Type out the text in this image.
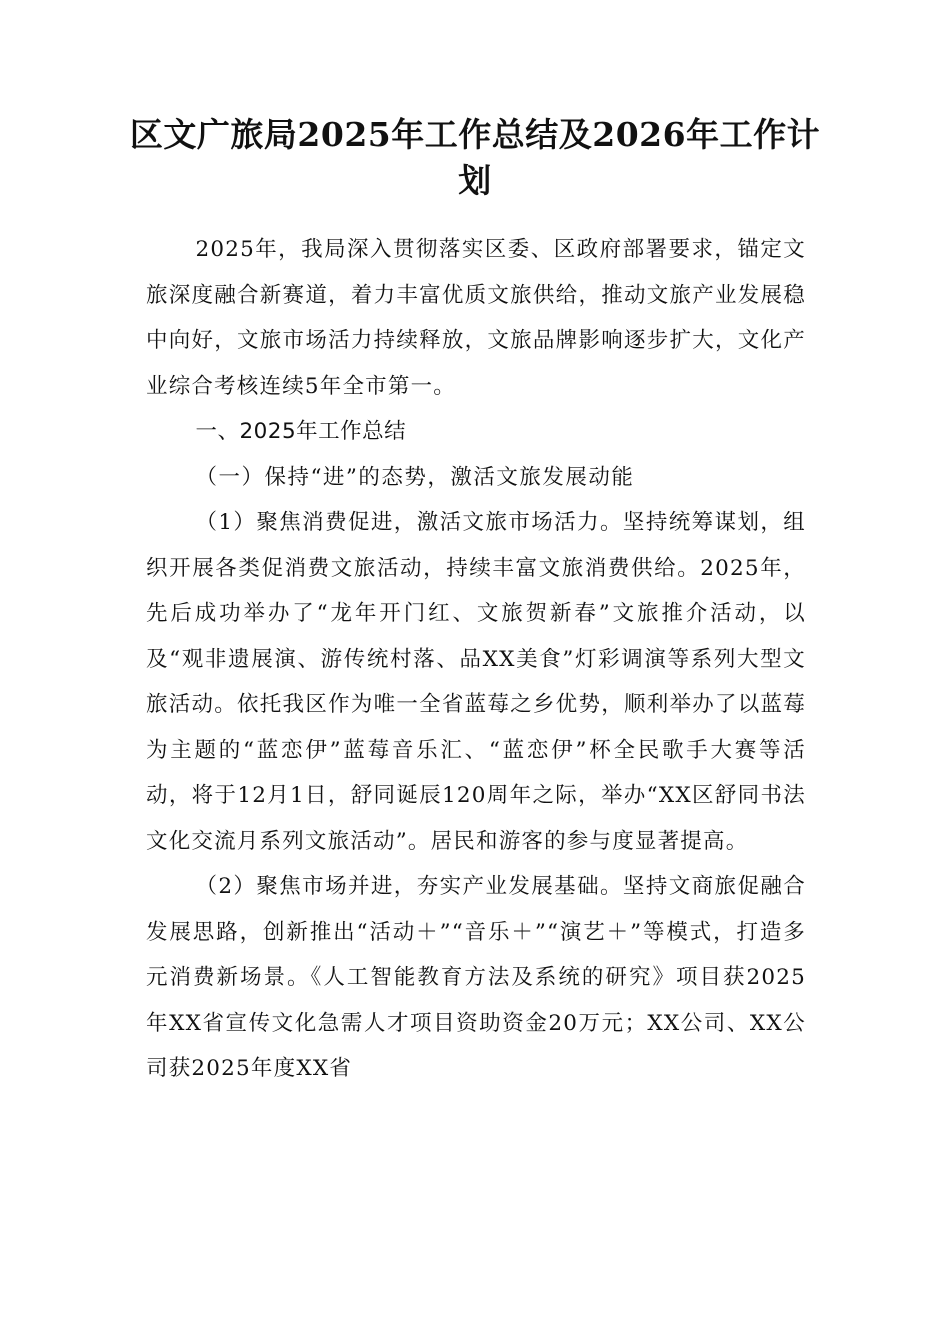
区文广旅局2025年工作总结及2026年工作计划

2025年，我局深入贯彻落实区委、区政府部署要求，锚定文旅深度融合新赛道，着力丰富优质文旅供给，推动文旅产业发展稳中向好，文旅市场活力持续释放，文旅品牌影响逐步扩大，文化产业综合考核连续5年全市第一。

一、2025年工作总结

（一）保持“进”的态势，激活文旅发展动能

（1）聚焦消费促进，激活文旅市场活力。坚持统筹谋划，组织开展各类促消费文旅活动，持续丰富文旅消费供给。2025年，先后成功举办了“龙年开门红、文旅贺新春”文旅推介活动，以及“观非遗展演、游传统村落、品XX美食”灯彩调演等系列大型文旅活动。依托我区作为唯一全省蓝莓之乡优势，顺利举办了以蓝莓为主题的“蓝恋伊”蓝莓音乐汇、“蓝恋伊”杯全民歌手大赛等活动，将于12月1日，舒同诞辰120周年之际，举办“XX区舒同书法文化交流月系列文旅活动”。居民和游客的参与度显著提高。

（2）聚焦市场并进，夯实产业发展基础。坚持文商旅促融合发展思路，创新推出“活动＋”“音乐＋”“演艺＋”等模式，打造多元消费新场景。《人工智能教育方法及系统的研究》项目获2025年XX省宣传文化急需人才项目资助资金20万元；XX公司、XX公司获2025年度XX省
